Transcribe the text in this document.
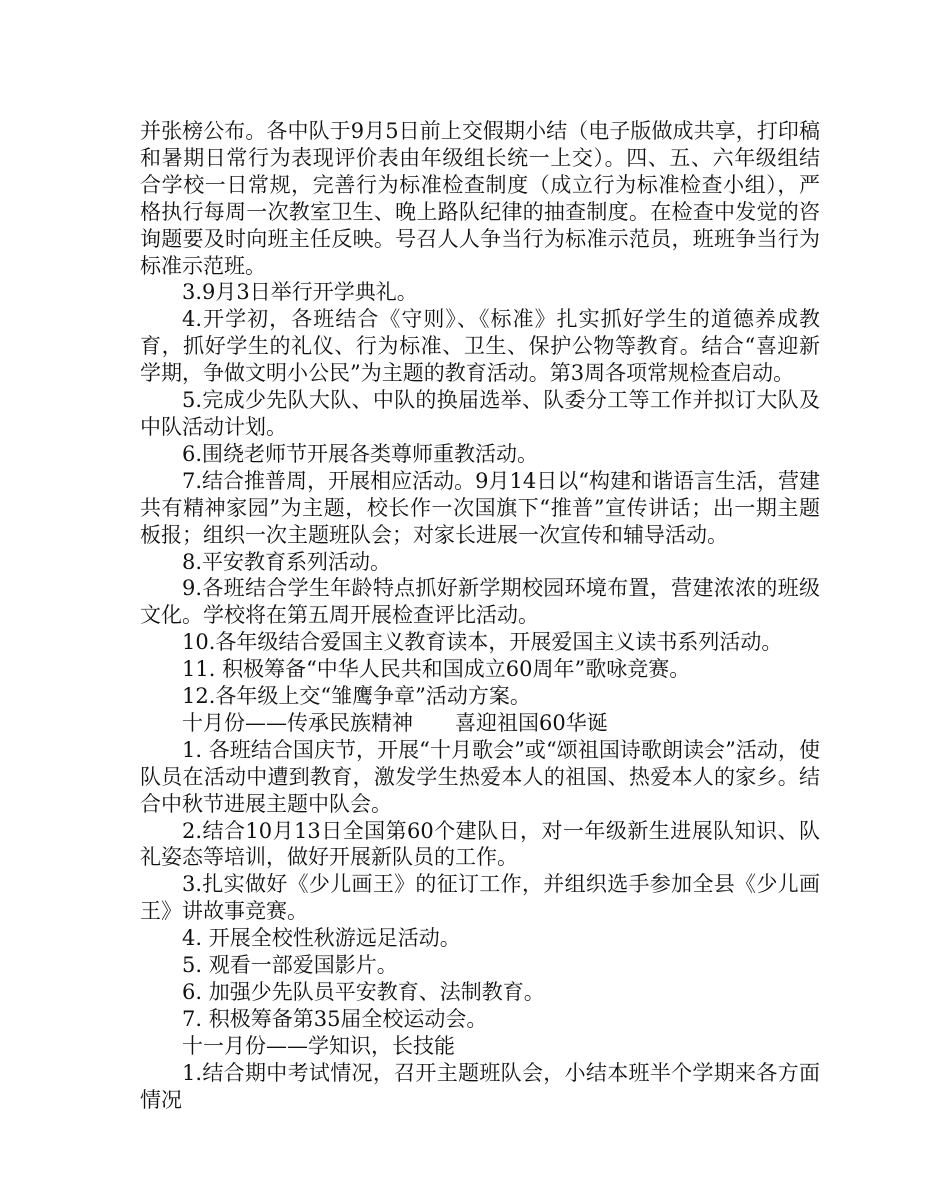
并张榜公布。各中队于9月5日前上交假期小结（电子版做成共享，打印稿和暑期日常行为表现评价表由年级组长统一上交）。四、五、六年级组结合学校一日常规，完善行为标准检查制度（成立行为标准检查小组），严格执行每周一次教室卫生、晚上路队纪律的抽查制度。在检查中发觉的咨询题要及时向班主任反映。号召人人争当行为标准示范员，班班争当行为标准示范班。

3.9月3日举行开学典礼。

4.开学初，各班结合《守则》、《标准》扎实抓好学生的道德养成教育，抓好学生的礼仪、行为标准、卫生、保护公物等教育。结合“喜迎新学期，争做文明小公民”为主题的教育活动。第3周各项常规检查启动。

5.完成少先队大队、中队的换届选举、队委分工等工作并拟订大队及中队活动计划。

6.围绕老师节开展各类尊师重教活动。

7.结合推普周，开展相应活动。9月14日以“构建和谐语言生活，营建共有精神家园”为主题，校长作一次国旗下“推普”宣传讲话；出一期主题板报；组织一次主题班队会；对家长进展一次宣传和辅导活动。

8.平安教育系列活动。

9.各班结合学生年龄特点抓好新学期校园环境布置，营建浓浓的班级文化。学校将在第五周开展检查评比活动。

10.各年级结合爱国主义教育读本，开展爱国主义读书系列活动。

11. 积极筹备“中华人民共和国成立60周年”歌咏竞赛。

12.各年级上交“雏鹰争章”活动方案。

十月份——传承民族精神　　喜迎祖国60华诞

1. 各班结合国庆节，开展“十月歌会”或“颂祖国诗歌朗读会”活动，使队员在活动中遭到教育，激发学生热爱本人的祖国、热爱本人的家乡。结合中秋节进展主题中队会。

2.结合10月13日全国第60个建队日，对一年级新生进展队知识、队礼姿态等培训，做好开展新队员的工作。

3.扎实做好《少儿画王》的征订工作，并组织选手参加全县《少儿画王》讲故事竞赛。

4. 开展全校性秋游远足活动。

5. 观看一部爱国影片。

6. 加强少先队员平安教育、法制教育。

7. 积极筹备第35届全校运动会。

十一月份——学知识，长技能

1.结合期中考试情况，召开主题班队会，小结本班半个学期来各方面情况
